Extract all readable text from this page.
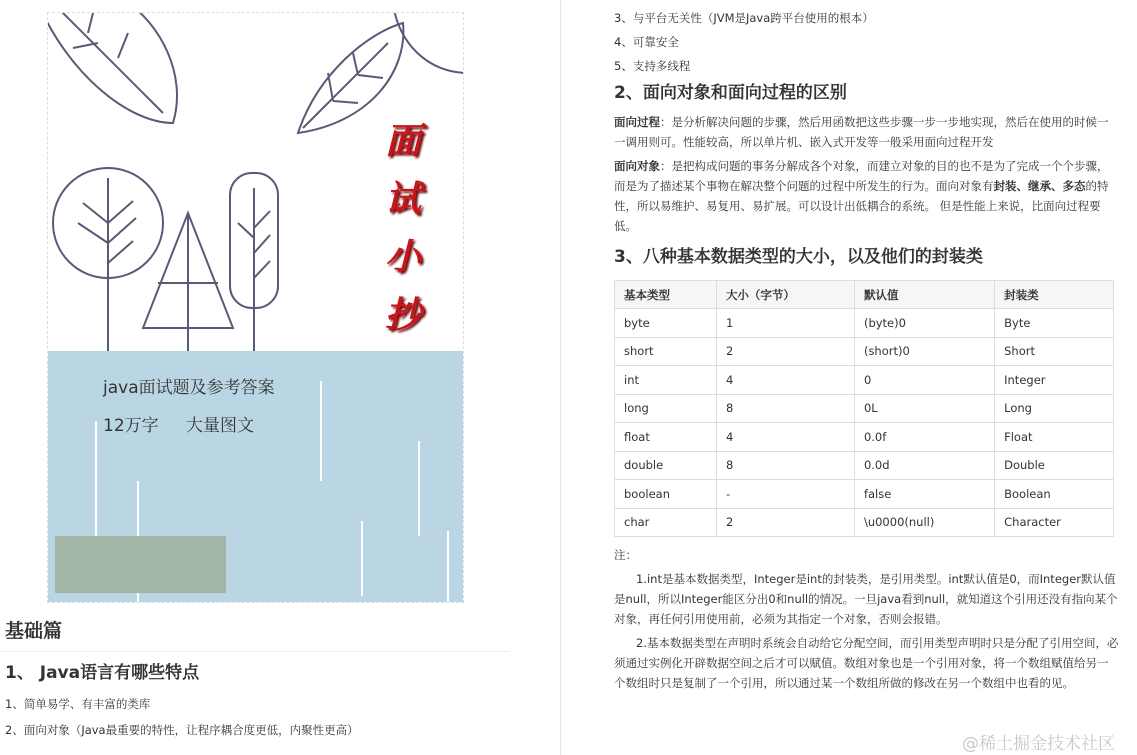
面试小抄
java面试题及参考答案
12万字 大量图文
基础篇
1、 Java语言有哪些特点

1、简单易学、有丰富的类库

2、面向对象（Java最重要的特性，让程序耦合度更低，内聚性更高）

3、与平台无关性（JVM是Java跨平台使用的根本）

4、可靠安全

5、支持多线程

2、面向对象和面向过程的区别

面向过程：是分析解决问题的步骤，然后用函数把这些步骤一步一步地实现，然后在使用的时候一一调用则可。性能较高，所以单片机、嵌入式开发等一般采用面向过程开发

面向对象：是把构成问题的事务分解成各个对象，而建立对象的目的也不是为了完成一个个步骤，而是为了描述某个事物在解决整个问题的过程中所发生的行为。面向对象有封装、继承、多态的特性，所以易维护、易复用、易扩展。可以设计出低耦合的系统。 但是性能上来说，比面向过程要低。

3、八种基本数据类型的大小，以及他们的封装类
基本类型	大小（字节）	默认值	封装类
byte	1	(byte)0	Byte
short	2	(short)0	Short
int	4	0	Integer
long	8	0L	Long
float	4	0.0f	Float
double	8	0.0d	Double
boolean	-	false	Boolean
char	2	\u0000(null)	Character

注：

1.int是基本数据类型，Integer是int的封装类，是引用类型。int默认值是0，而Integer默认值是null，所以Integer能区分出0和null的情况。一旦java看到null，就知道这个引用还没有指向某个对象，再任何引用使用前，必须为其指定一个对象，否则会报错。

2.基本数据类型在声明时系统会自动给它分配空间，而引用类型声明时只是分配了引用空间，必须通过实例化开辟数据空间之后才可以赋值。数组对象也是一个引用对象，将一个数组赋值给另一个数组时只是复制了一个引用，所以通过某一个数组所做的修改在另一个数组中也看的见。

@稀土掘金技术社区
